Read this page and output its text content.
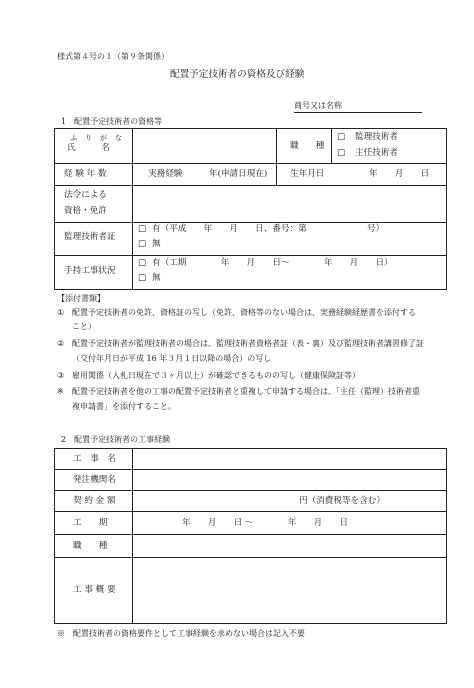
様式第４号の１（第９条関係）
配置予定技術者の資格及び経験
商号又は名称
1　配置予定技術者の資格等
ふ　り　が　な
氏　　　名	職　　種
□ 監理技術者
□ 主任技術者
経 験 年 数	実務経験	年(申請日現在)	生年月日	年　　月　　日
法令による
資格・免許
監理技術者証
□ 有（平成　　年　　月　　日、番号：第　　　　　　　号）
□ 無
手持工事状況
□ 有（工期　　　　年　　月　　日～　　　　年　　月　　日）
□ 無
【添付書類】
① 配置予定技術者の免許、資格証の写し（免許、資格等のない場合は、実務経験経歴書を添付する
こと）
② 配置予定技術者が監理技術者の場合は、監理技術者資格者証（表・裏）及び監理技術者講習修了証
（交付年月日が平成 16 年３月１日以降の場合）の写し
③ 雇用関係（入札日現在で３ヶ月以上）が確認できるものの写し（健康保険証等）
※ 配置予定技術者を他の工事の配置予定技術者と重複して申請する場合は、「主任（監理）技術者重
複申請書」を添付すること。
2　配置予定技術者の工事経験
工　事　名
発注機関名
契 約 金 額	円（消費税等を含む）
工　　期	年　　月　　日 ～　　　　年　　月　　日
職　　種
工 事 概 要
※　配置技術者の資格要件として工事経験を求めない場合は記入不要
